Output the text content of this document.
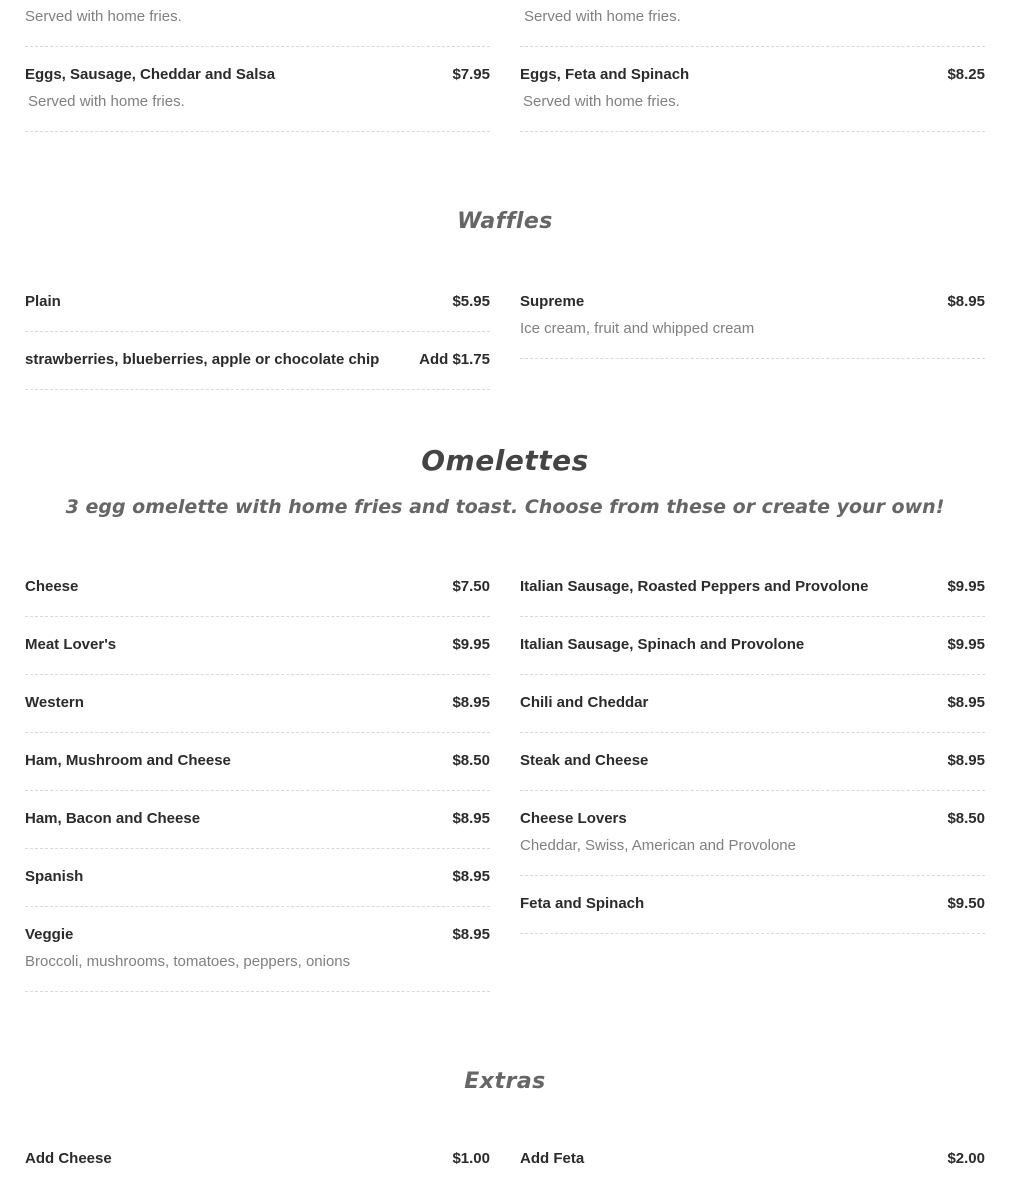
Served with home fries.	Served with home fries.
Eggs, Sausage, Cheddar and Salsa	$7.95
Served with home fries.
Eggs, Feta and Spinach	$8.25
Served with home fries.
Waffles
Plain	$5.95 Supreme	$8.95
Ice cream, fruit and whipped cream
strawberries, blueberries, apple or chocolate chip	Add $1.75
Omelettes
3 egg omelette with home fries and toast. Choose from these or create your own!
Cheese	$7.50
Meat Lover's	$9.95
Western	$8.95
Ham, Mushroom and Cheese	$8.50
Ham, Bacon and Cheese	$8.95
Spanish	$8.95
Veggie	$8.95
Broccoli, mushrooms, tomatoes, peppers, onions
Italian Sausage, Roasted Peppers and Provolone	$9.95
Italian Sausage, Spinach and Provolone	$9.95
Chili and Cheddar	$8.95
Steak and Cheese	$8.95
Cheese Lovers	$8.50
Cheddar, Swiss, American and Provolone
Feta and Spinach	$9.50
Extras
Add Cheese	$1.00 Add Feta	$2.00
